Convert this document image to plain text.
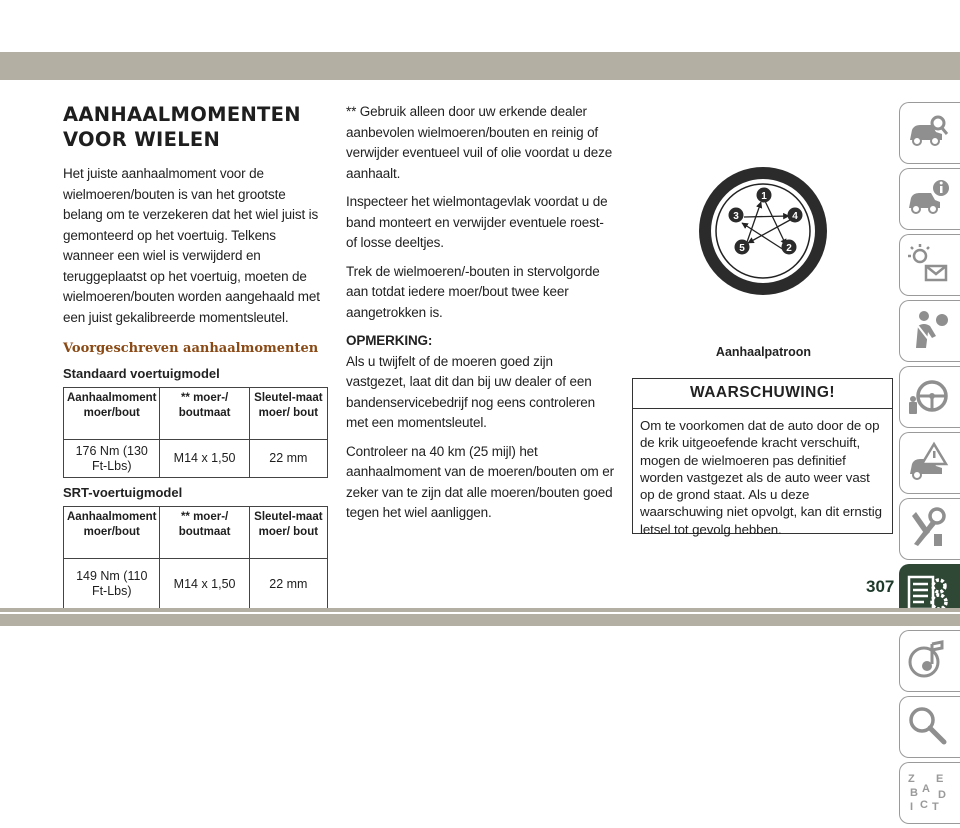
AANHAALMOMENTEN
VOOR WIELEN

Het juiste aanhaalmoment voor de wielmoeren/bouten is van het grootste belang om te verzekeren dat het wiel juist is gemonteerd op het voertuig. Telkens wanneer een wiel is verwijderd en teruggeplaatst op het voertuig, moeten de wielmoeren/bouten worden aangehaald met een juist gekalibreerde momentsleutel.

Voorgeschreven aanhaalmomenten
Standaard voertuigmodel
Aanhaalmoment moer/bout	** moer-/ boutmaat	Sleutel-maat moer/ bout
176 Nm (130 Ft-Lbs)	M14 x 1,50	22 mm
SRT-voertuigmodel
Aanhaalmoment moer/bout	** moer-/ boutmaat	Sleutel-maat moer/ bout
149 Nm (110 Ft-Lbs)	M14 x 1,50	22 mm

** Gebruik alleen door uw erkende dealer aanbevolen wielmoeren/bouten en reinig of verwijder eventueel vuil of olie voordat u deze aanhaalt.

Inspecteer het wielmontagevlak voordat u de band monteert en verwijder eventuele roest- of losse deeltjes.

Trek de wielmoeren/-bouten in stervolgorde aan totdat iedere moer/bout twee keer aangetrokken is.

OPMERKING:

Als u twijfelt of de moeren goed zijn vastgezet, laat dit dan bij uw dealer of een bandenservicebedrijf nog eens controleren met een momentsleutel.

Controleer na 40 km (25 mijl) het aanhaalmoment van de moeren/bouten om er zeker van te zijn dat alle moeren/bouten goed tegen het wiel aanliggen.

1
2
3	4
5
Aanhaalpatroon
WAARSCHUWING!

Om te voorkomen dat de auto door de op de krik uitgeoefende kracht verschuift, mogen de wielmoeren pas definitief worden vastgezet als de auto weer vast op de grond staat. Als u deze waarschuwing niet opvolgt, kan dit ernstig letsel tot gevolg hebben.

Z E
B A
I C T
D
307
